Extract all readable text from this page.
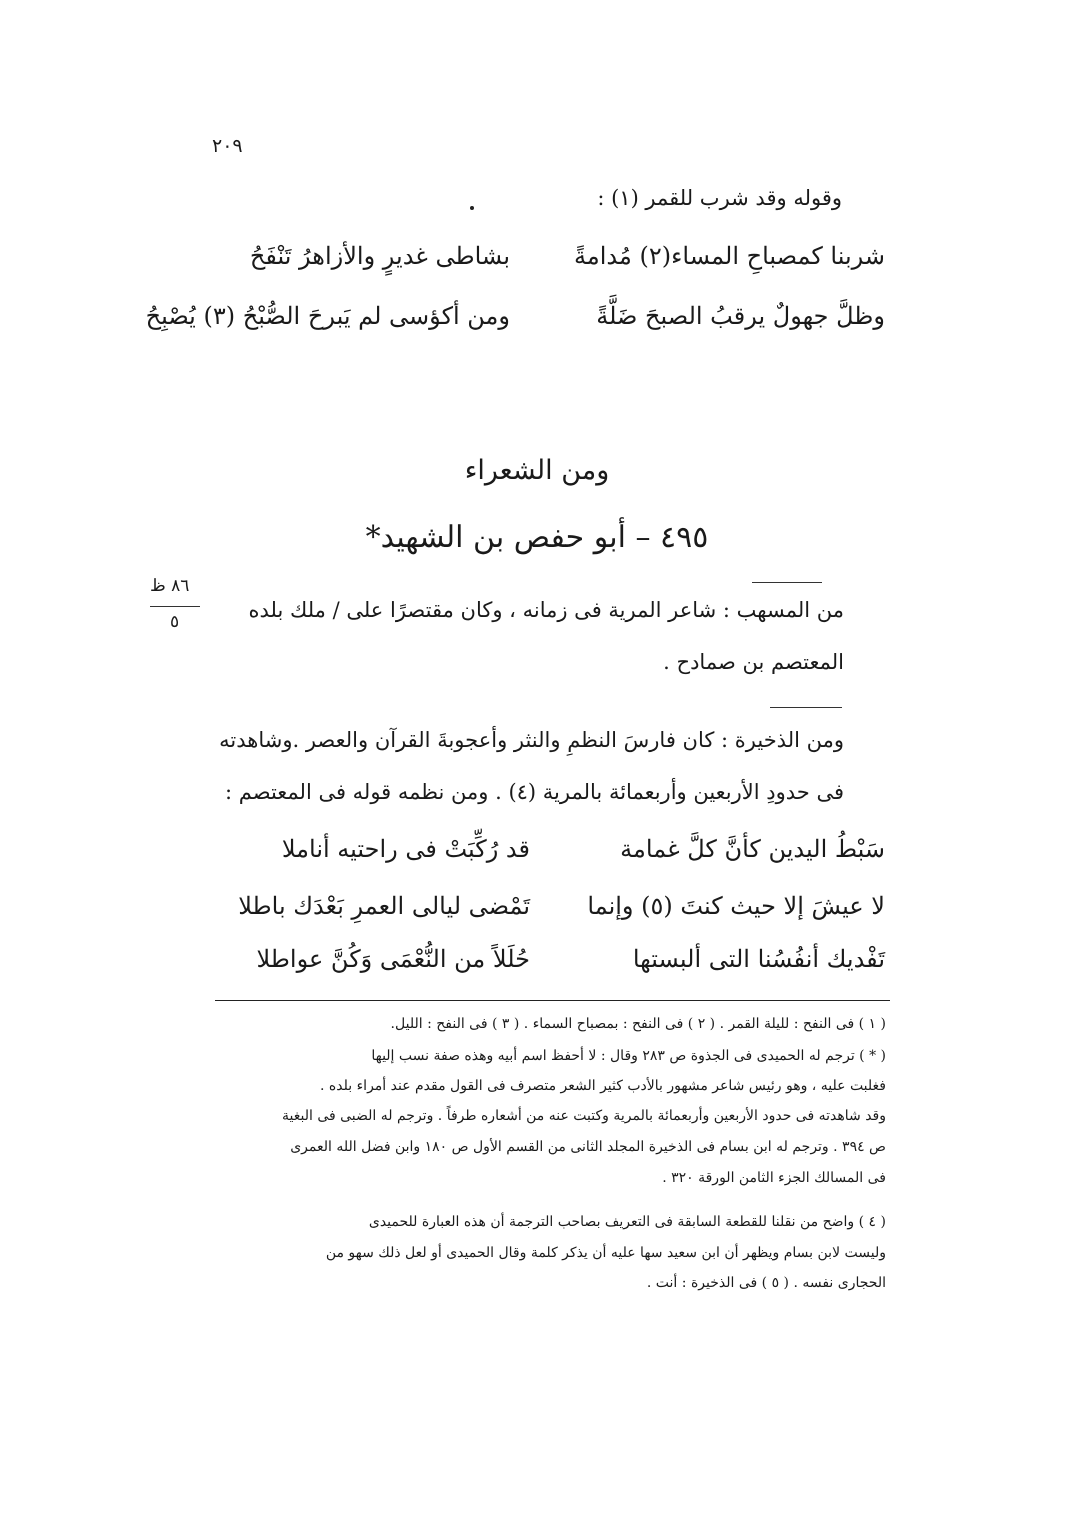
٢٠٩
وقوله وقد شرب للقمر (١) :
شربنا كمصباحِ المساء(٢) مُدامةً
بشاطى غديرٍ والأزاهرُ تَنْفَحُ
وظلَّ جهولٌ يرقبُ الصبحَ ضَلَّةً
ومن أكؤسى لم يَبرحَ الصُّبْحُ (٣) يُصْبِحُ
ومن الشعراء
٤٩٥ – أبو حفص بن الشهيد*
٨٦ ظ
٥	من المسهب : شاعر المرية فى زمانه ، وكان مقتصرًا على / ملك بلده
المعتصم بن صمادح .
ومن الذخيرة : كان فارسَ النظمِ والنثر وأعجوبةَ القرآن والعصر .وشاهدته
فى حدودِ الأربعين وأربعمائة بالمرية (٤) . ومن نظمه قوله فى المعتصم :
سَبْطُ اليدين كأنَّ كلَّ غمامة
قد رُكِّبَتْ فى راحتيه أناملا
لا عيشَ إلا حيث كنتَ (٥) وإنما
تَمْضى ليالى العمرِ بَعْدَك باطلا
تَفْديك أنفُسُنا التى ألبستها
حُلَلاً من النُّعْمَى وَكُنَّ عواطلا
( ١ ) فى النفح : لليلة القمر . ( ٢ ) فى النفح : بمصباح السماء . ( ٣ ) فى النفح : الليل.
( * ) ترجم له الحميدى فى الجذوة ص ٢٨٣ وقال : لا أحفظ اسم أبيه وهذه صفة نسب إليها
فغلبت عليه ، وهو رئيس شاعر مشهور بالأدب كثير الشعر متصرف فى القول مقدم عند أمراء بلده .
وقد شاهدته فى حدود الأربعين وأربعمائة بالمرية وكتبت عنه من أشعاره طرفاً . وترجم له الضبى فى البغية
ص ٣٩٤ . وترجم له ابن بسام فى الذخيرة المجلد الثانى من القسم الأول ص ١٨٠ وابن فضل الله العمرى
فى المسالك الجزء الثامن الورقة ٣٢٠ .
( ٤ ) واضح من نقلنا للقطعة السابقة فى التعريف بصاحب الترجمة أن هذه العبارة للحميدى
وليست لابن بسام ويظهر أن ابن سعيد سها عليه أن يذكر كلمة وقال الحميدى أو لعل ذلك سهو من
الحجارى نفسه . ( ٥ ) فى الذخيرة : أنت .
